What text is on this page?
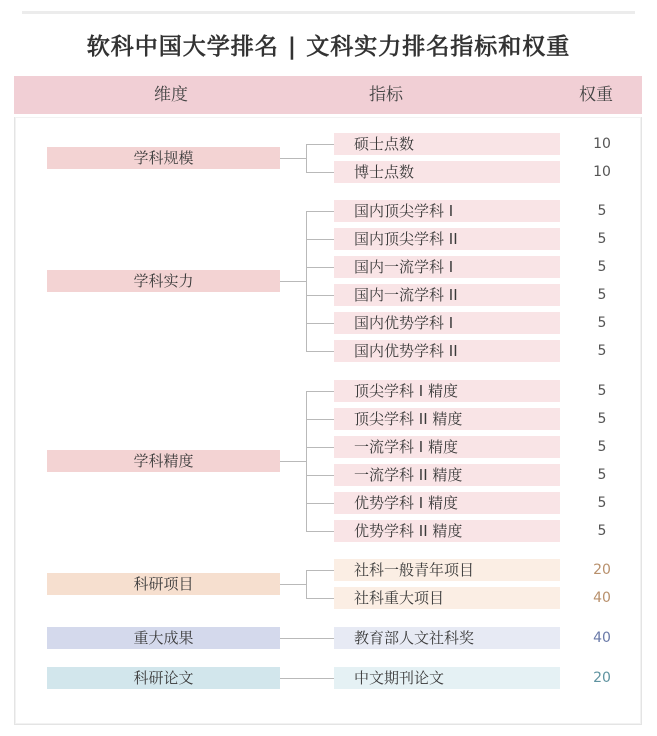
软科中国大学排名 | 文科实力排名指标和权重
维度	指标	权重
学科规模
硕士点数	10
博士点数	10
学科实力
国内顶尖学科 I	5
国内顶尖学科 II	5
国内一流学科 I	5
国内一流学科 II	5
国内优势学科 I	5
国内优势学科 II	5
学科精度
顶尖学科 I 精度	5
顶尖学科 II 精度	5
一流学科 I 精度	5
一流学科 II 精度	5
优势学科 I 精度	5
优势学科 II 精度	5
科研项目
社科一般青年项目	20
社科重大项目	40
重大成果	教育部人文社科奖	40
科研论文	中文期刊论文	20
